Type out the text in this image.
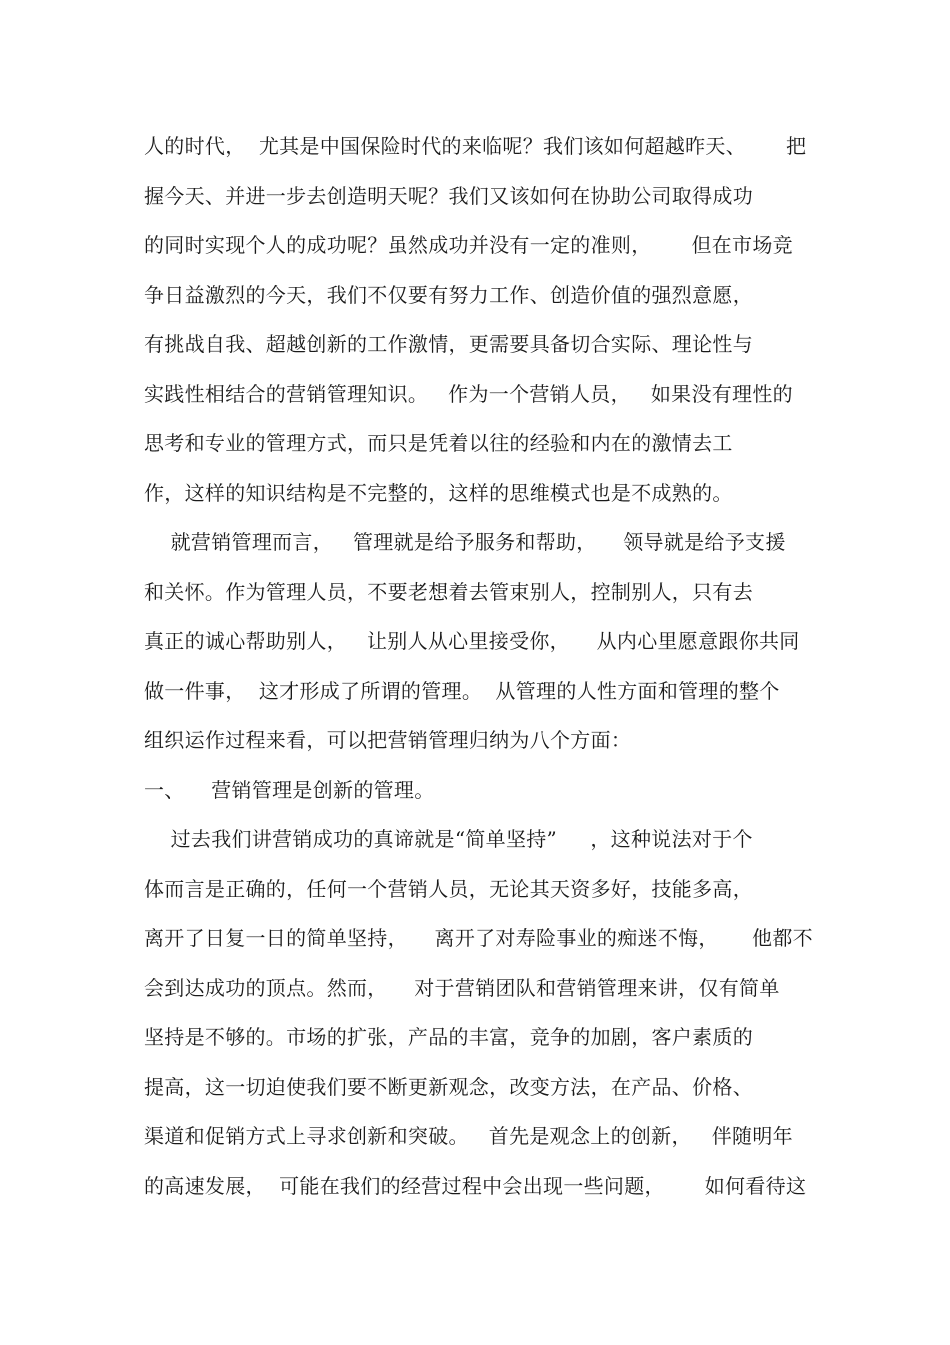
人的时代，  尤其是中国保险时代的来临呢？我们该如何超越昨天、      把
握今天、并进一步去创造明天呢？我们又该如何在协助公司取得成功
的同时实现个人的成功呢？虽然成功并没有一定的准则，      但在市场竞
争日益激烈的今天，我们不仅要有努力工作、创造价值的强烈意愿，
有挑战自我、超越创新的工作激情，更需要具备切合实际、理论性与
实践性相结合的营销管理知识。   作为一个营销人员，   如果没有理性的
思考和专业的管理方式，而只是凭着以往的经验和内在的激情去工
作，这样的知识结构是不完整的，这样的思维模式也是不成熟的。
就营销管理而言，   管理就是给予服务和帮助，    领导就是给予支援
和关怀。作为管理人员，不要老想着去管束别人，控制别人，只有去
真正的诚心帮助别人，   让别人从心里接受你，    从内心里愿意跟你共同
做一件事，  这才形成了所谓的管理。  从管理的人性方面和管理的整个
组织运作过程来看，可以把营销管理归纳为八个方面：
一、    营销管理是创新的管理。
过去我们讲营销成功的真谛就是“简单坚持”     ，这种说法对于个
体而言是正确的，任何一个营销人员，无论其天资多好，技能多高，
离开了日复一日的简单坚持，    离开了对寿险事业的痴迷不悔，     他都不
会到达成功的顶点。然而，    对于营销团队和营销管理来讲，仅有简单
坚持是不够的。市场的扩张，产品的丰富，竞争的加剧，客户素质的
提高，这一切迫使我们要不断更新观念，改变方法，在产品、价格、
渠道和促销方式上寻求创新和突破。   首先是观念上的创新，   伴随明年
的高速发展，  可能在我们的经营过程中会出现一些问题，      如何看待这
